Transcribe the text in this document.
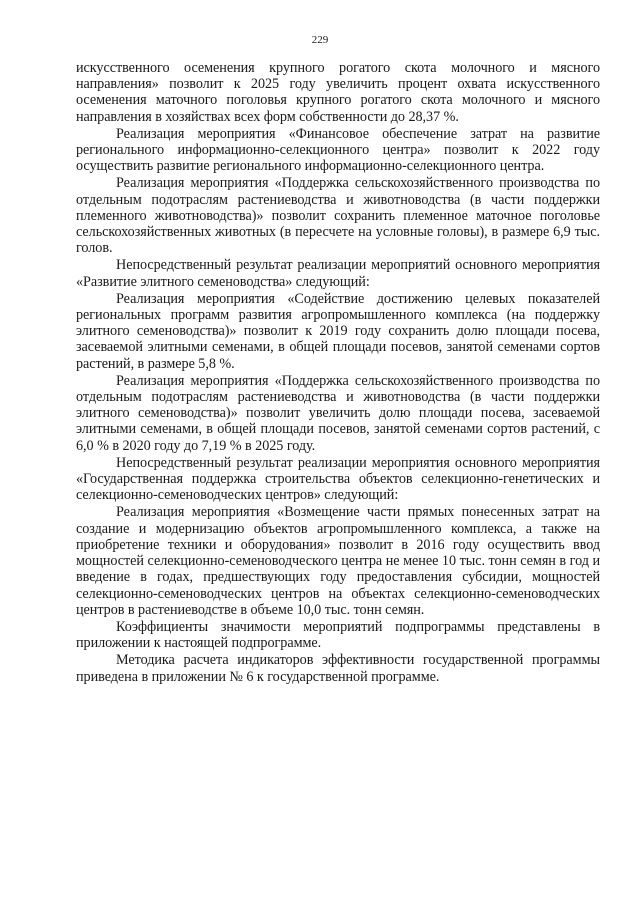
229

искусственного осеменения крупного рогатого скота молочного и мясного направления» позволит к 2025 году увеличить процент охвата искусственного осеменения маточного поголовья крупного рогатого скота молочного и мясного направления в хозяйствах всех форм собственности до 28,37 %.

Реализация мероприятия «Финансовое обеспечение затрат на развитие регионального информационно-селекционного центра» позволит к 2022 году осуществить развитие регионального информационно-селекционного центра.

Реализация мероприятия «Поддержка сельскохозяйственного производства по отдельным подотраслям растениеводства и животноводства (в части поддержки племенного животноводства)» позволит сохранить племенное маточное поголовье сельскохозяйственных животных (в пересчете на условные головы), в размере 6,9 тыс. голов.

Непосредственный результат реализации мероприятий основного мероприятия «Развитие элитного семеноводства» следующий:

Реализация мероприятия «Содействие достижению целевых показателей региональных программ развития агропромышленного комплекса (на поддержку элитного семеноводства)» позволит к 2019 году сохранить долю площади посева, засеваемой элитными семенами, в общей площади посевов, занятой семенами сортов растений, в размере 5,8 %.

Реализация мероприятия «Поддержка сельскохозяйственного производства по отдельным подотраслям растениеводства и животноводства (в части поддержки элитного семеноводства)» позволит увеличить долю площади посева, засеваемой элитными семенами, в общей площади посевов, занятой семенами сортов растений, с 6,0 % в 2020 году до 7,19 % в 2025 году.

Непосредственный результат реализации мероприятия основного мероприятия «Государственная поддержка строительства объектов селекционно-генетических и селекционно-семеноводческих центров» следующий:

Реализация мероприятия «Возмещение части прямых понесенных затрат на создание и модернизацию объектов агропромышленного комплекса, а также на приобретение техники и оборудования» позволит в 2016 году осуществить ввод мощностей селекционно-семеноводческого центра не менее 10 тыс. тонн семян в год и введение в годах, предшествующих году предоставления субсидии, мощностей селекционно-семеноводческих центров на объектах селекционно-семеноводческих центров в растениеводстве в объеме 10,0 тыс. тонн семян.

Коэффициенты значимости мероприятий подпрограммы представлены в приложении к настоящей подпрограмме.

Методика расчета индикаторов эффективности государственной программы приведена в приложении № 6 к государственной программе.
